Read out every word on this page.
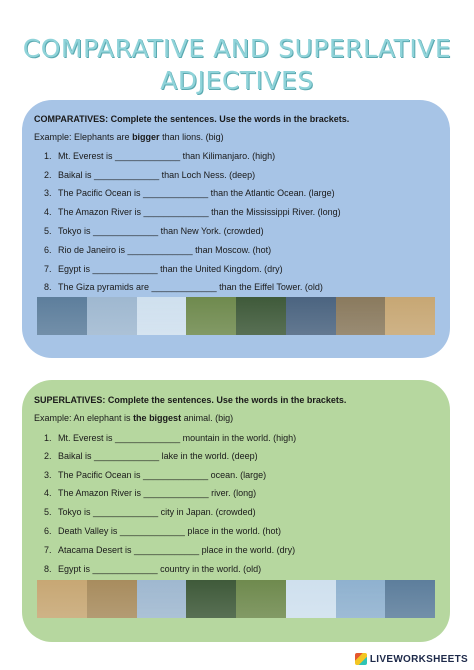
COMPARATIVE AND SUPERLATIVE
ADJECTIVES
COMPARATIVES: Complete the sentences. Use the words in the brackets.
Example: Elephants are bigger than lions. (big)
1. Mt. Everest is _____________ than Kilimanjaro. (high)
2. Baikal is _____________ than Loch Ness. (deep)
3. The Pacific Ocean is _____________ than the Atlantic Ocean. (large)
4. The Amazon River is _____________ than the Mississippi River. (long)
5. Tokyo is _____________ than New York. (crowded)
6. Rio de Janeiro is _____________ than Moscow. (hot)
7. Egypt is _____________ than the United Kingdom. (dry)
8. The Giza pyramids are _____________ than the Eiffel Tower. (old)
SUPERLATIVES: Complete the sentences. Use the words in the brackets.
Example: An elephant is the biggest animal. (big)
1. Mt. Everest is _____________ mountain in the world. (high)
2. Baikal is _____________ lake in the world. (deep)
3. The Pacific Ocean is _____________ ocean. (large)
4. The Amazon River is _____________ river. (long)
5. Tokyo is _____________ city in Japan. (crowded)
6. Death Valley is _____________ place in the world. (hot)
7. Atacama Desert is _____________ place in the world. (dry)
8. Egypt is _____________ country in the world. (old)
LIVEWORKSHEETS
